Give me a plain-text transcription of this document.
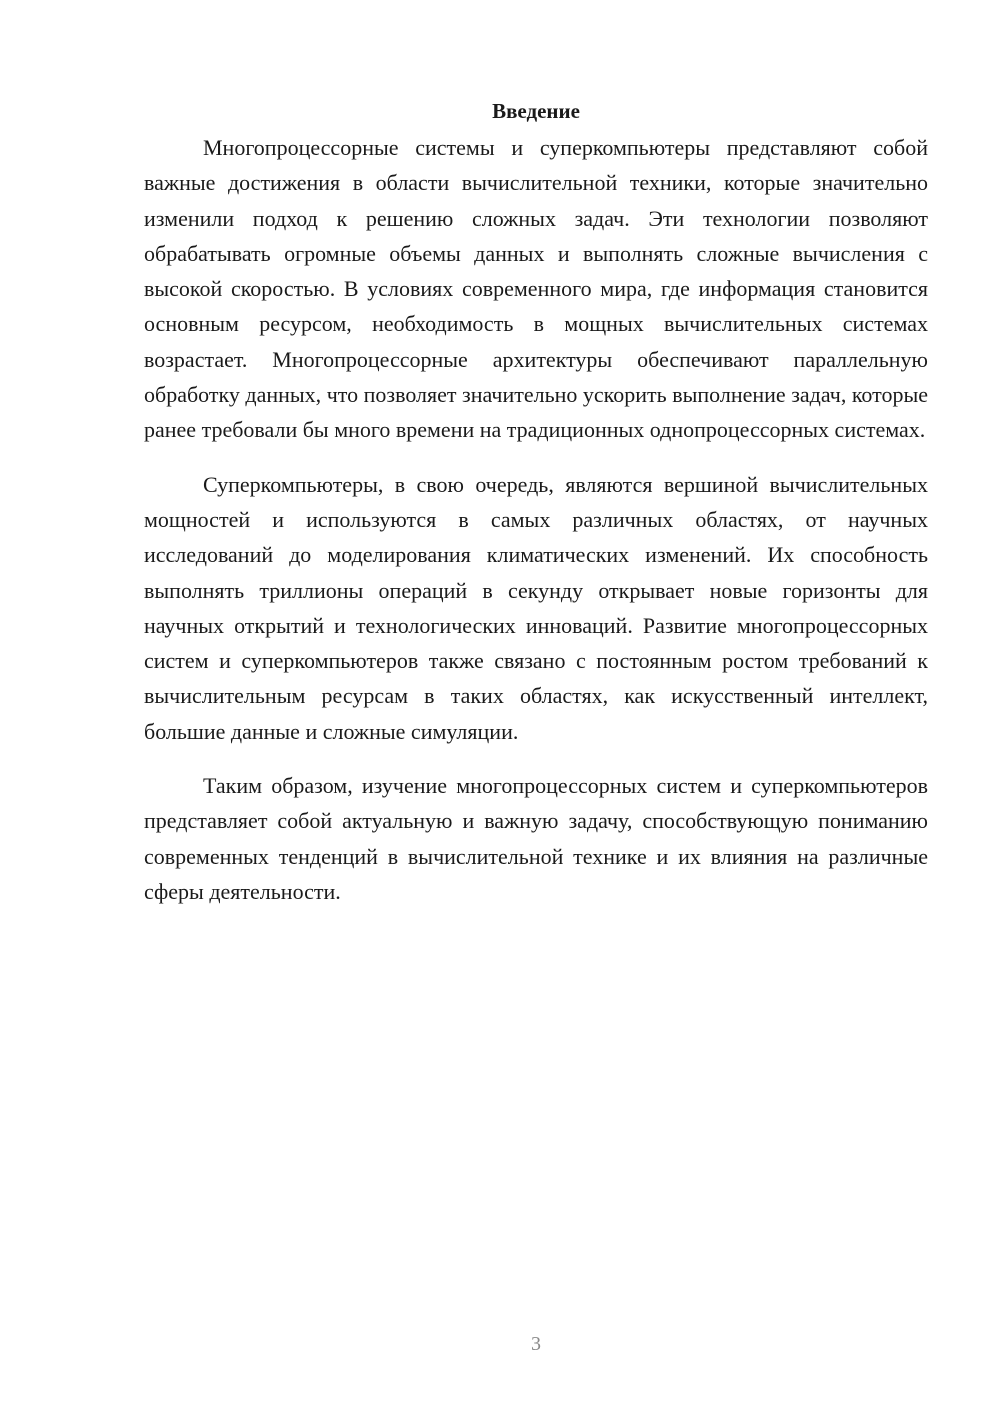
Введение

Многопроцессорные системы и суперкомпьютеры представляют собой важные достижения в области вычислительной техники, которые значительно изменили подход к решению сложных задач. Эти технологии позволяют обрабатывать огромные объемы данных и выполнять сложные вычисления с высокой скоростью. В условиях современного мира, где информация становится основным ресурсом, необходимость в мощных вычислительных системах возрастает. Многопроцессорные архитектуры обеспечивают параллельную обработку данных, что позволяет значительно ускорить выполнение задач, которые ранее требовали бы много времени на традиционных однопроцессорных системах.

Суперкомпьютеры, в свою очередь, являются вершиной вычислительных мощностей и используются в самых различных областях, от научных исследований до моделирования климатических изменений. Их способность выполнять триллионы операций в секунду открывает новые горизонты для научных открытий и технологических инноваций. Развитие многопроцессорных систем и суперкомпьютеров также связано с постоянным ростом требований к вычислительным ресурсам в таких областях, как искусственный интеллект, большие данные и сложные симуляции.

Таким образом, изучение многопроцессорных систем и суперкомпьютеров представляет собой актуальную и важную задачу, способствующую пониманию современных тенденций в вычислительной технике и их влияния на различные сферы деятельности.

3
